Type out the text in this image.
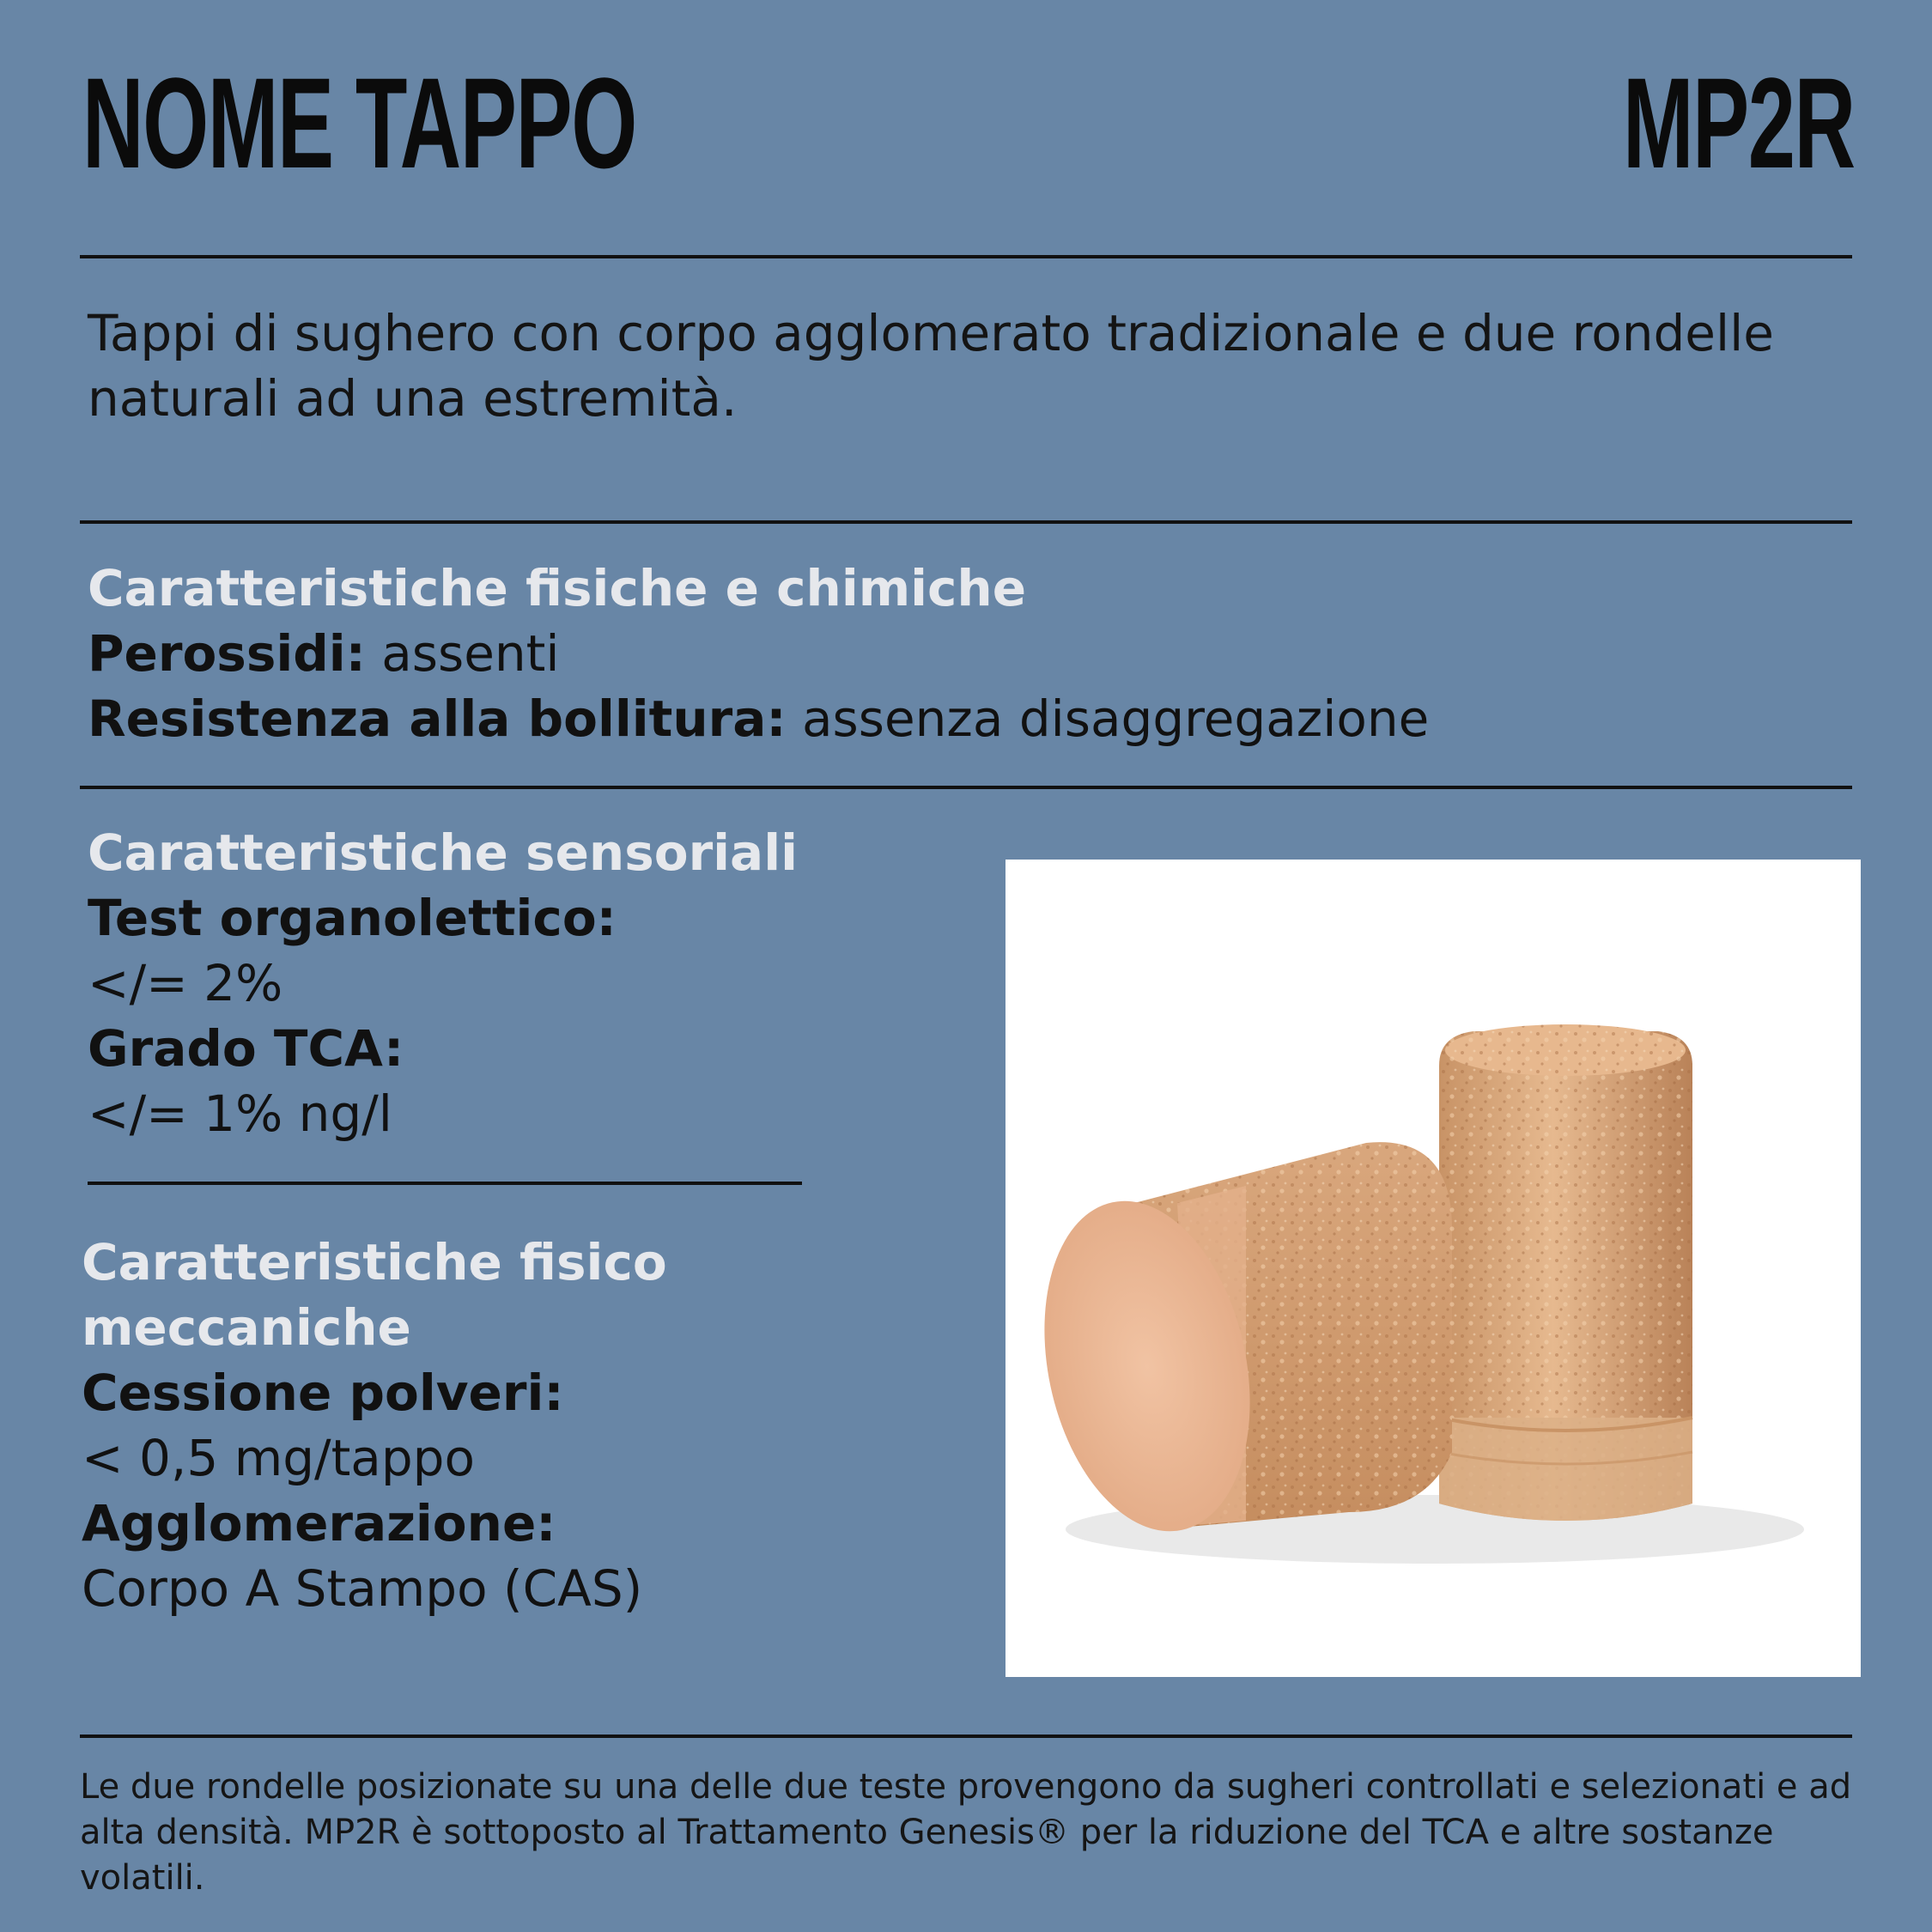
NOME TAPPO	MP2R
Tappi di sughero con corpo agglomerato tradizionale e due rondelle naturali ad una estremità.
Caratteristiche fisiche e chimiche
Perossidi: assenti
Resistenza alla bollitura: assenza disaggregazione
Caratteristiche sensoriali
Test organolettico:
</= 2%
Grado TCA:
</= 1% ng/l
Caratteristiche fisico
meccaniche
Cessione polveri:
< 0,5 mg/tappo
Agglomerazione:
Corpo A Stampo (CAS)
Le due rondelle posizionate su una delle due teste provengono da sugheri controllati e selezionati e ad alta densità. MP2R è sottoposto al Trattamento Genesis® per la riduzione del TCA e altre sostanze volatili.
